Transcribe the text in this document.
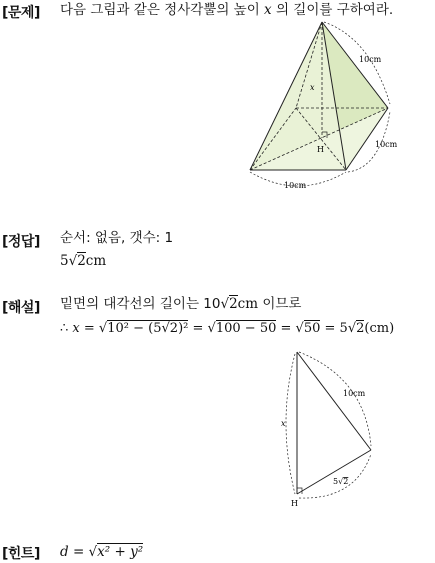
[문제] 다음 그림과 같은 정사각뿔의 높이 x 의 길이를 구하여라.
10cm
10cm
10cm
x
H
[정답] 순서: 없음, 갯수: 1
5√2cm
[해설] 밑면의 대각선의 길이는 10√2cm 이므로
∴ x = √10² − (5√2)² = √100 − 50 = √50 = 5√2(cm)
10cm
x
H
5√2
[힌트] d = √x² + y²
